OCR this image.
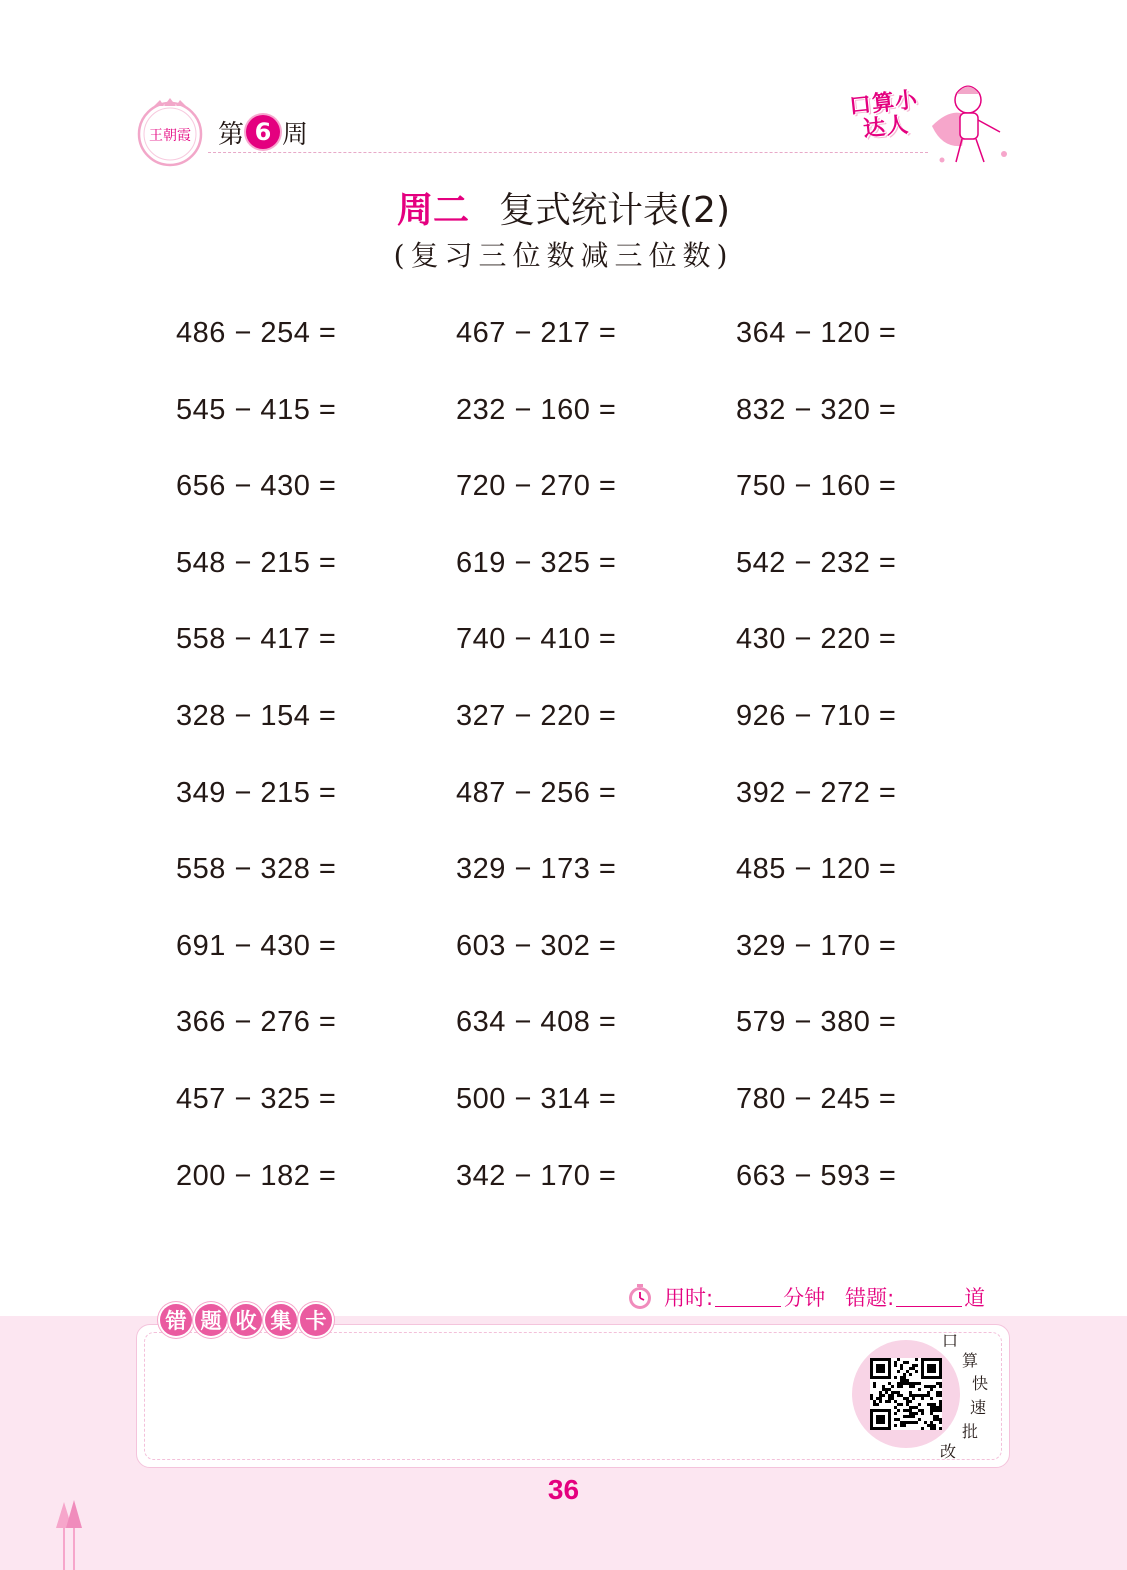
王朝霞 第 6 周
口算小达人
周二 复式统计表(2)
(复习三位数减三位数)
486 − 254 =	467 − 217 =	364 − 120 =
545 − 415 =	232 − 160 =	832 − 320 =
656 − 430 =	720 − 270 =	750 − 160 =
548 − 215 =	619 − 325 =	542 − 232 =
558 − 417 =	740 − 410 =	430 − 220 =
328 − 154 =	327 − 220 =	926 − 710 =
349 − 215 =	487 − 256 =	392 − 272 =
558 − 328 =	329 − 173 =	485 − 120 =
691 − 430 =	603 − 302 =	329 − 170 =
366 − 276 =	634 − 408 =	579 − 380 =
457 − 325 =	500 − 314 =	780 − 245 =
200 − 182 =	342 − 170 =	663 − 593 =
用时:	分钟 错题:	道
错 题 收 集 卡
口
算
快
速
批
改
36
